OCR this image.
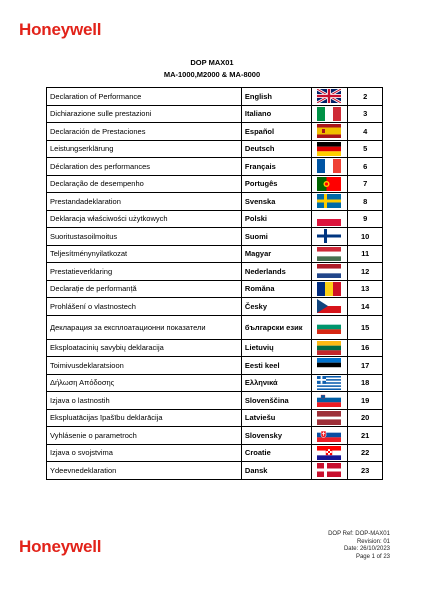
Honeywell
DOP MAX01
MA-1000,M2000 & MA-8000
Declaration of Performance	English		2
Dichiarazione sulle prestazioni	Italiano		3
Declaración de Prestaciones	Español		4
Leistungserklärung	Deutsch		5
Déclaration des performances	Français		6
Declaração de desempenho	Portugês		7
Prestandadeklaration	Svenska		8
Deklaracja właściwości użytkowych	Polski		9
Suoritustasoilmoitus	Suomi		10
Teljesítménynyilatkozat	Magyar		11
Prestatieverklaring	Nederlands		12
Declarație de performanță	Romăna		13
Prohlášení o vlastnostech	Česky		14
Декларация за експлоатационни показатели	български език		15
Eksploatacinių savybių deklaracija	Lietuvių		16
Toimivusdeklaratsioon	Eesti keel		17
Δήλωση Απόδοσης	Ελληνικά		18
Izjava o lastnostih	Slovenščina		19
Ekspluatācijas īpašību deklarācija	Latviešu		20
Vyhlásenie o parametroch	Slovensky		21
Izjava o svojstvima	Croatie		22
Ydeevnedeklaration	Dansk		23
Honeywell
DOP Ref: DOP-MAX01
Revision: 01
Date: 26/10/2023
Page 1 of 23
